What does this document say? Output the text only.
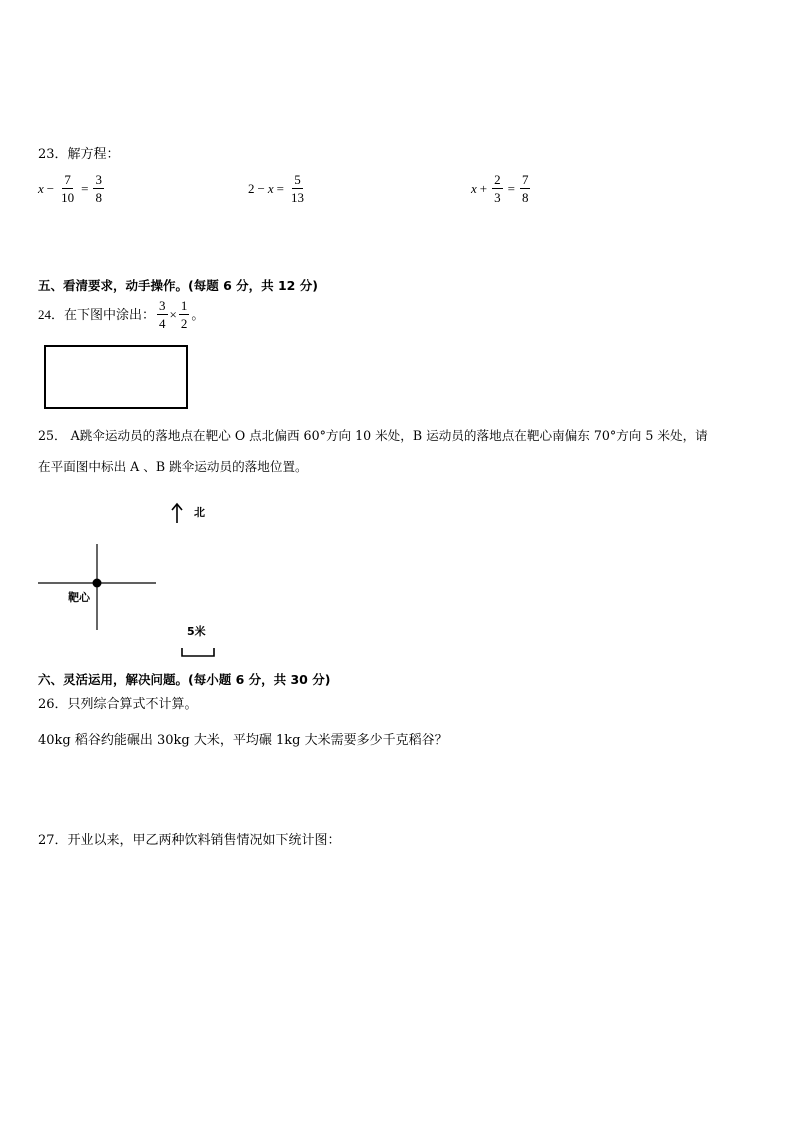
23．解方程：
$x - \frac{7}{10} = \frac{3}{8}$	$2 - x = \frac{5}{13}$	$x + \frac{2}{3} = \frac{7}{8}$
五、看清要求，动手操作。(每题 6 分，共 12 分)
24．在下图中涂出： $\frac{3}{4} \times \frac{1}{2}$ 。
25． A跳伞运动员的落地点在靶心 O 点北偏西 60°方向 10 米处，B 运动员的落地点在靶心南偏东 70°方向 5 米处，请
在平面图中标出 A 、B 跳伞运动员的落地位置。
北
靶心
5米
六、灵活运用，解决问题。(每小题 6 分，共 30 分)
26．只列综合算式不计算。
40kg 稻谷约能碾出 30kg 大米，平均碾 1kg 大米需要多少千克稻谷？
27．开业以来，甲乙两种饮料销售情况如下统计图：
